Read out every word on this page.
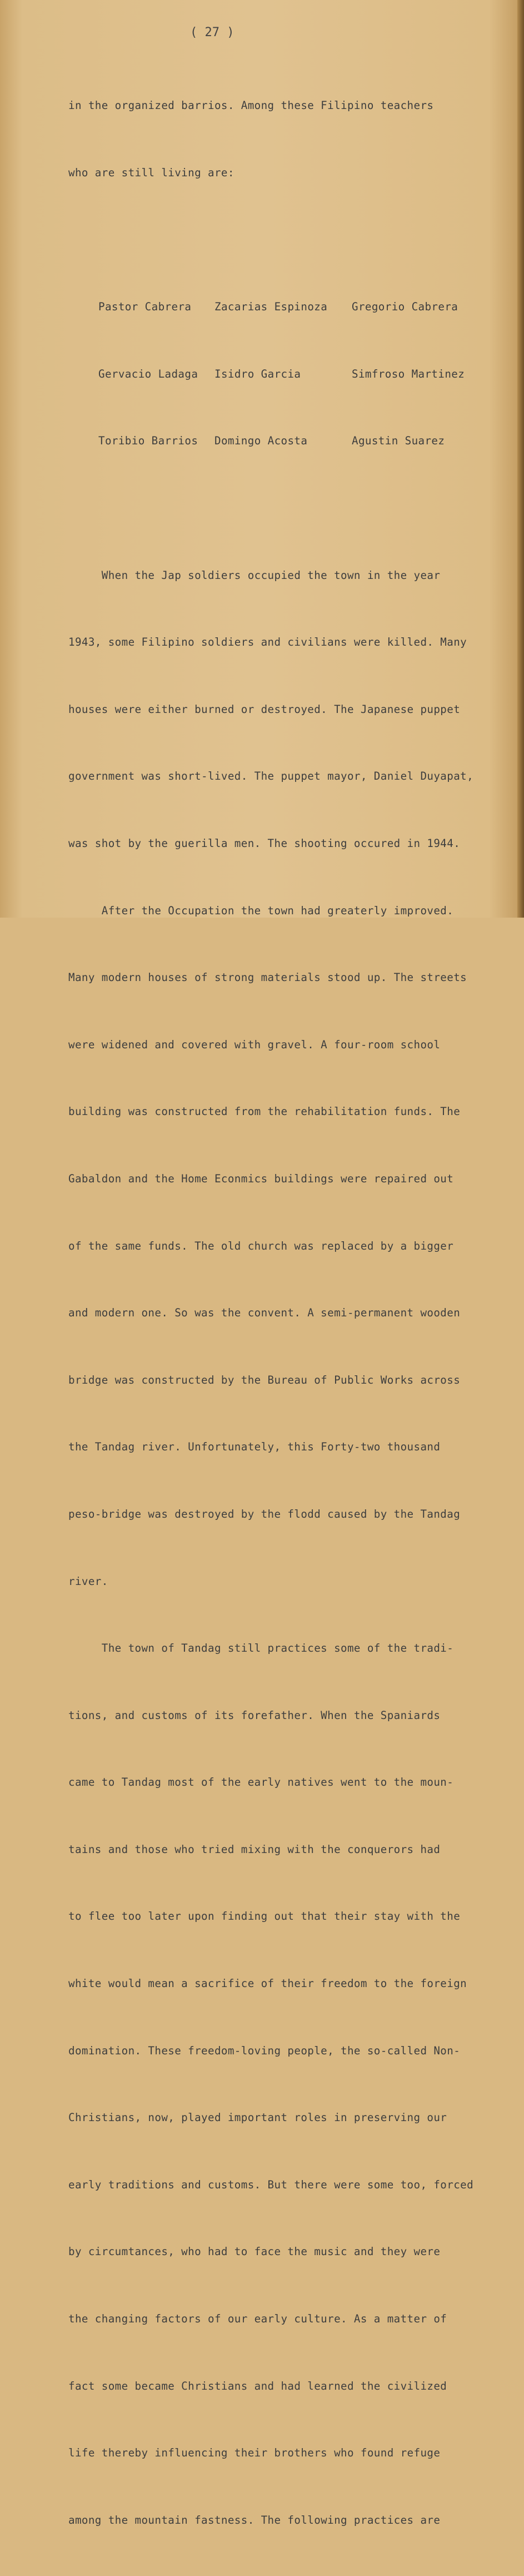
( 27 )

in the organized barrios. Among these Filipino teachers

who are still living are:

Pastor Cabrera

Zacarias Espinoza

Gregorio Cabrera

Gervacio Ladaga

Isidro Garcia

	Simfroso Martinez

Toribio Barrios

Domingo Acosta

	Agustin Suarez

When the Jap soldiers occupied the town in the year

1943, some Filipino soldiers and civilians were killed. Many

houses were either burned or destroyed. The Japanese puppet

government was short-lived. The puppet mayor, Daniel Duyapat,

was shot by the guerilla men. The shooting occured in 1944.

After the Occupation the town had greaterly improved.

Many modern houses of strong materials stood up. The streets

were widened and covered with gravel. A four-room school

building was constructed from the rehabilitation funds. The

Gabaldon and the Home Econmics buildings were repaired out

of the same funds. The old church was replaced by a bigger

and modern one. So was the convent. A semi-permanent wooden

bridge was constructed by the Bureau of Public Works across

the Tandag river. Unfortunately, this Forty-two thousand

peso-bridge was destroyed by the flodd caused by the Tandag

river.

The town of Tandag still practices some of the tradi-

tions, and customs of its forefather. When the Spaniards

came to Tandag most of the early natives went to the moun-

tains and those who tried mixing with the conquerors had

to flee too later upon finding out that their stay with the

white would mean a sacrifice of their freedom to the foreign

domination. These freedom-loving people, the so-called Non-

Christians, now, played important roles in preserving our

early traditions and customs. But there were some too, forced

by circumtances, who had to face the music and they were

the changing factors of our early culture. As a matter of

fact some became Christians and had learned the civilized

life thereby influencing their brothers who found refuge

among the mountain fastness. The following practices are
